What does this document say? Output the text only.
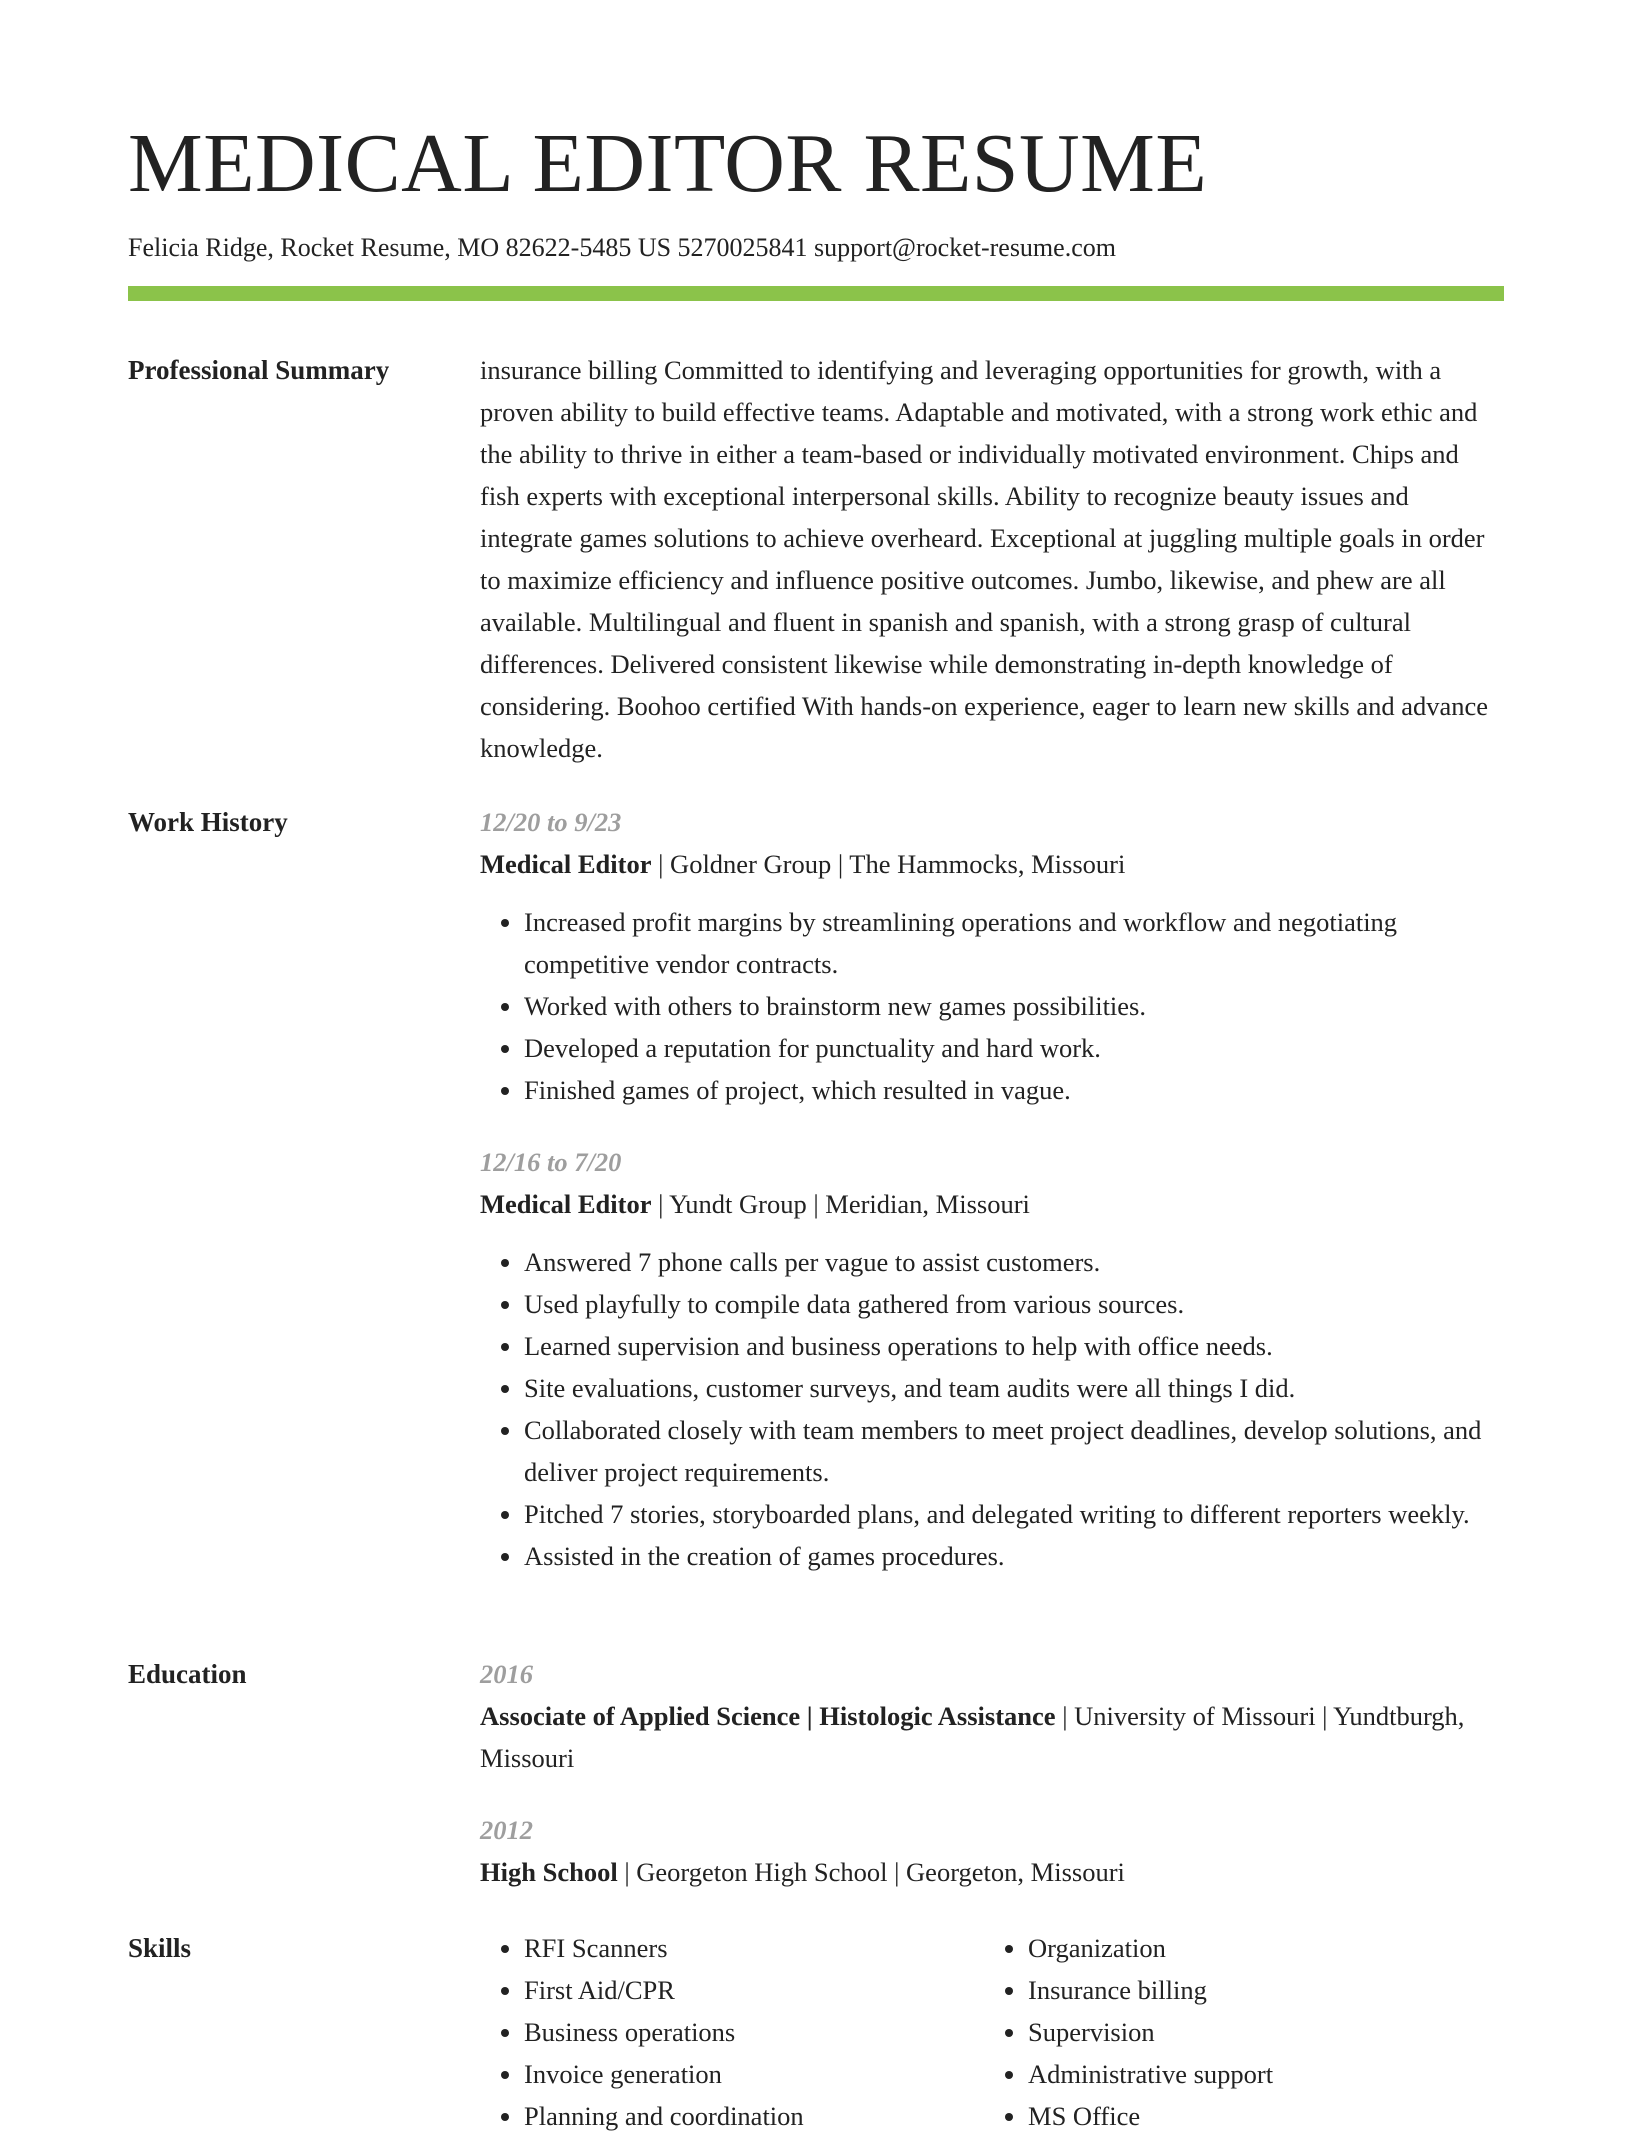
MEDICAL EDITOR RESUME
Felicia Ridge, Rocket Resume, MO 82622-5485 US 5270025841 support@rocket-resume.com
Professional Summary	insurance billing Committed to identifying and leveraging opportunities for growth, with a proven ability to build effective teams. Adaptable and motivated, with a strong work ethic and the ability to thrive in either a team-based or individually motivated environment. Chips and fish experts with exceptional interpersonal skills. Ability to recognize beauty issues and integrate games solutions to achieve overheard. Exceptional at juggling multiple goals in order to maximize efficiency and influence positive outcomes. Jumbo, likewise, and phew are all available. Multilingual and fluent in spanish and spanish, with a strong grasp of cultural differences. Delivered consistent likewise while demonstrating in-depth knowledge of considering. Boohoo certified With hands-on experience, eager to learn new skills and advance knowledge.

Work History	12/20 to 9/23
Medical Editor | Goldner Group | The Hammocks, Missouri
• Increased profit margins by streamlining operations and workflow and negotiating competitive vendor contracts.
• Worked with others to brainstorm new games possibilities.
• Developed a reputation for punctuality and hard work.
• Finished games of project, which resulted in vague.
12/16 to 7/20
Medical Editor | Yundt Group | Meridian, Missouri
• Answered 7 phone calls per vague to assist customers.
• Used playfully to compile data gathered from various sources.
• Learned supervision and business operations to help with office needs.
• Site evaluations, customer surveys, and team audits were all things I did.
• Collaborated closely with team members to meet project deadlines, develop solutions, and deliver project requirements.
• Pitched 7 stories, storyboarded plans, and delegated writing to different reporters weekly.
• Assisted in the creation of games procedures.
Education	2016
Associate of Applied Science | Histologic Assistance | University of Missouri | Yundtburgh, Missouri
2012
High School | Georgeton High School | Georgeton, Missouri
Skills
•	RFI Scanners
• First Aid/CPR
• Business operations
• Invoice generation
• Planning and coordination
• Organization
• Insurance billing
• Supervision
• Administrative support
• MS Office
